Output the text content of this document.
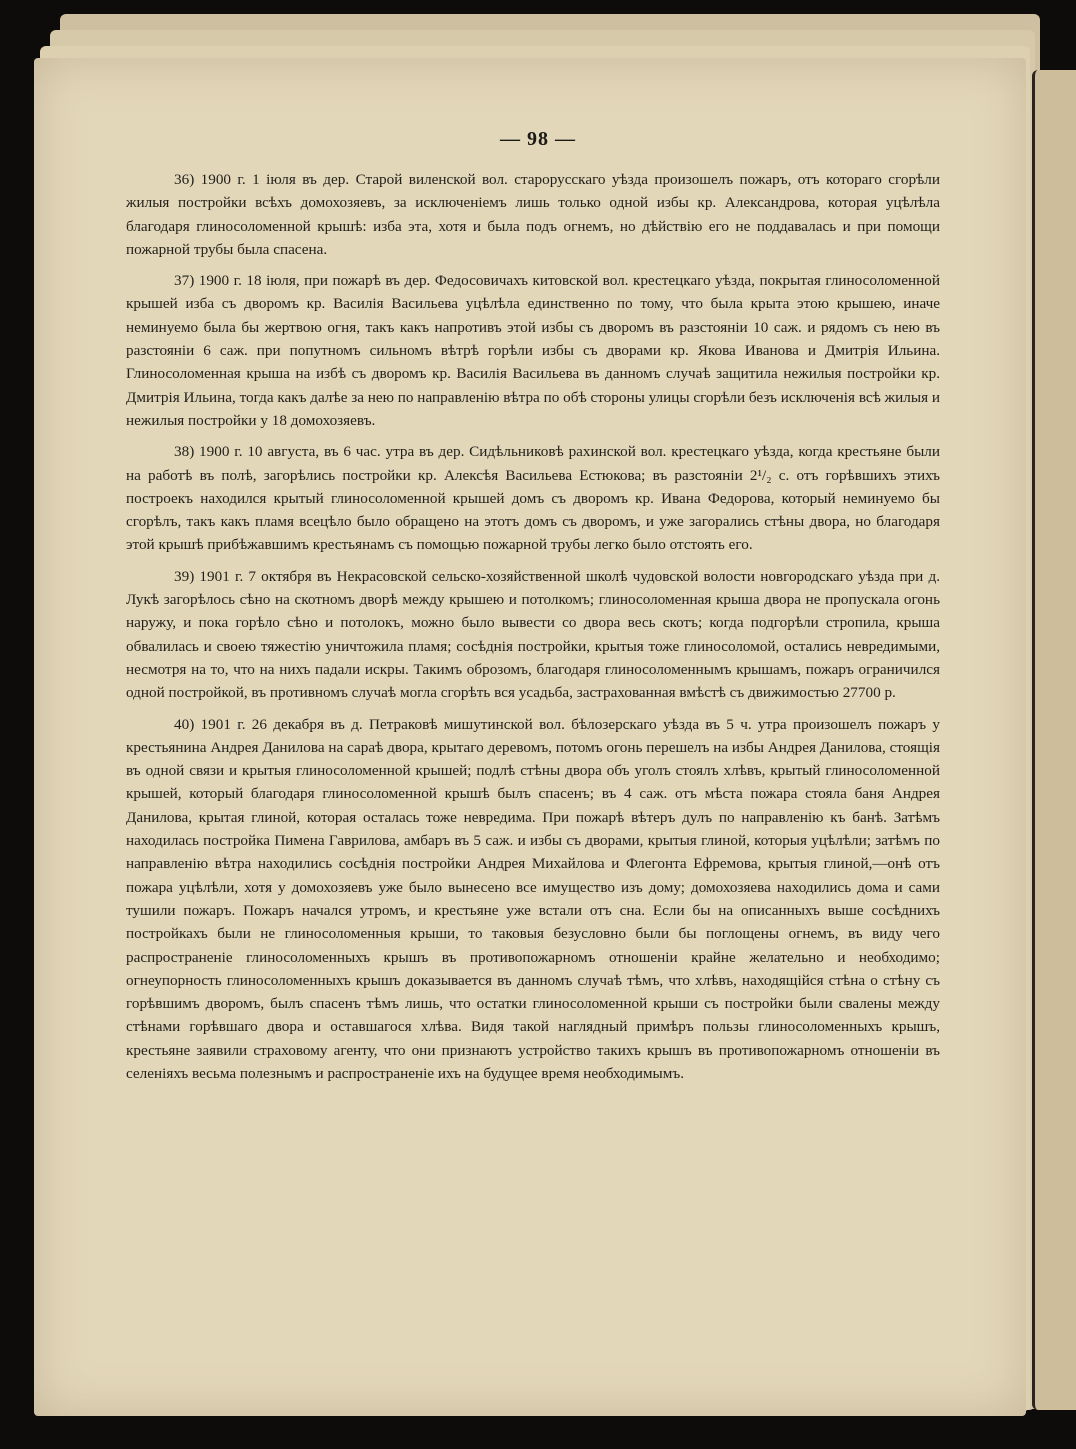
— 98 —

36) 1900 г. 1 іюля въ дер. Старой виленской вол. старорусскаго уѣзда произошелъ пожаръ, отъ котораго сгорѣли жилыя постройки всѣхъ домохозяевъ, за исключеніемъ лишь только одной избы кр. Александрова, которая уцѣлѣла благодаря глиносоломенной крышѣ: изба эта, хотя и была подъ огнемъ, но дѣйствію его не поддавалась и при помощи пожарной трубы была спасена.

37) 1900 г. 18 іюля, при пожарѣ въ дер. Федосовичахъ китовской вол. крестецкаго уѣзда, покрытая глиносоломенной крышей изба съ дворомъ кр. Василія Васильева уцѣлѣла единственно по тому, что была крыта этою крышею, иначе неминуемо была бы жертвою огня, такъ какъ напротивъ этой избы съ дворомъ въ разстояніи 10 саж. и рядомъ съ нею въ разстояніи 6 саж. при попутномъ сильномъ вѣтрѣ горѣли избы съ дворами кр. Якова Иванова и Дмитрія Ильина. Глиносоломенная крыша на избѣ съ дворомъ кр. Василія Васильева въ данномъ случаѣ защитила нежилыя постройки кр. Дмитрія Ильина, тогда какъ далѣе за нею по направленію вѣтра по обѣ стороны улицы сгорѣли безъ исключенія всѣ жилыя и нежилыя постройки у 18 домохозяевъ.

38) 1900 г. 10 августа, въ 6 час. утра въ дер. Сидѣльниковѣ рахинской вол. крестецкаго уѣзда, когда крестьяне были на работѣ въ полѣ, загорѣлись постройки кр. Алексѣя Васильева Естюкова; въ разстояніи 2¹/₂ с. отъ горѣвшихъ этихъ построекъ находился крытый глиносоломенной крышей домъ съ дворомъ кр. Ивана Федорова, который неминуемо бы сгорѣлъ, такъ какъ пламя всецѣло было обращено на этотъ домъ съ дворомъ, и уже загорались стѣны двора, но благодаря этой крышѣ прибѣжавшимъ крестьянамъ съ помощью пожарной трубы легко было отстоять его.

39) 1901 г. 7 октября въ Некрасовской сельско-хозяйственной школѣ чудовской волости новгородскаго уѣзда при д. Лукѣ загорѣлось сѣно на скотномъ дворѣ между крышею и потолкомъ; глиносоломенная крыша двора не пропускала огонь наружу, и пока горѣло сѣно и потолокъ, можно было вывести со двора весь скотъ; когда подгорѣли стропила, крыша обвалилась и своею тяжестію уничтожила пламя; сосѣднія постройки, крытыя тоже глиносоломой, остались невредимыми, несмотря на то, что на нихъ падали искры. Такимъ оброзомъ, благодаря глиносоломеннымъ крышамъ, пожаръ ограничился одной постройкой, въ противномъ случаѣ могла сгорѣть вся усадьба, застрахованная вмѣстѣ съ движимостью 27700 р.

40) 1901 г. 26 декабря въ д. Петраковѣ мишутинской вол. бѣлозерскаго уѣзда въ 5 ч. утра произошелъ пожаръ у крестьянина Андрея Данилова на сараѣ двора, крытаго деревомъ, потомъ огонь перешелъ на избы Андрея Данилова, стоящія въ одной связи и крытыя глиносоломенной крышей; подлѣ стѣны двора объ уголъ стоялъ хлѣвъ, крытый глиносоломенной крышей, который благодаря глиносоломенной крышѣ былъ спасенъ; въ 4 саж. отъ мѣста пожара стояла баня Андрея Данилова, крытая глиной, которая осталась тоже невредима. При пожарѣ вѣтеръ дулъ по направленію къ банѣ. Затѣмъ находилась постройка Пимена Гаврилова, амбаръ въ 5 саж. и избы съ дворами, крытыя глиной, которыя уцѣлѣли; затѣмъ по направленію вѣтра находились сосѣднія постройки Андрея Михайлова и Флегонта Ефремова, крытыя глиной,—онѣ отъ пожара уцѣлѣли, хотя у домохозяевъ уже было вынесено все имущество изъ дому; домохозяева находились дома и сами тушили пожаръ. Пожаръ начался утромъ, и крестьяне уже встали отъ сна. Если бы на описанныхъ выше сосѣднихъ постройкахъ были не глиносоломенныя крыши, то таковыя безусловно были бы поглощены огнемъ, въ виду чего распространеніе глиносоломенныхъ крышъ въ противопожарномъ отношеніи крайне желательно и необходимо; огнеупорность глиносоломенныхъ крышъ доказывается въ данномъ случаѣ тѣмъ, что хлѣвъ, находящійся стѣна о стѣну съ горѣвшимъ дворомъ, былъ спасенъ тѣмъ лишь, что остатки глиносоломенной крыши съ постройки были свалены между стѣнами горѣвшаго двора и оставшагося хлѣва. Видя такой наглядный примѣръ пользы глиносоломенныхъ крышъ, крестьяне заявили страховому агенту, что они признаютъ устройство такихъ крышъ въ противопожарномъ отношеніи въ селеніяхъ весьма полезнымъ и распространеніе ихъ на будущее время необходимымъ.
